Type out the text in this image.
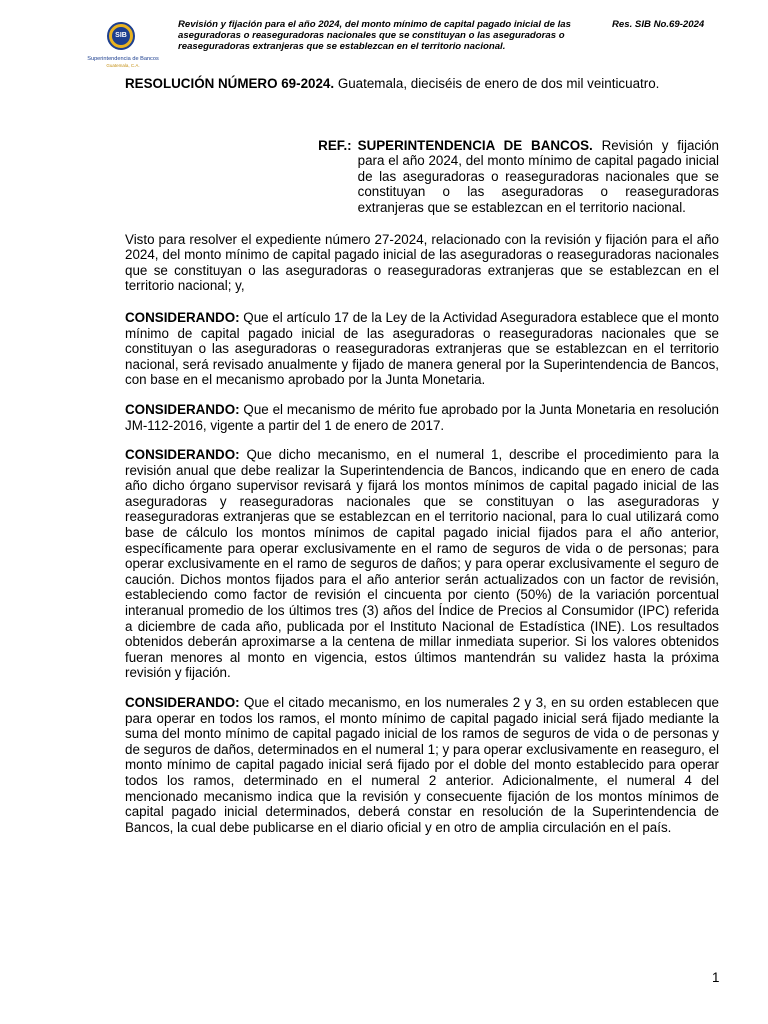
SIB
Superintendencia de Bancos
Guatemala, C.A.
Revisión y fijación para el año 2024, del monto mínimo de capital pagado inicial de las aseguradoras o reaseguradoras nacionales que se constituyan o las aseguradoras o reaseguradoras extranjeras que se establezcan en el territorio nacional.
Res. SIB No.69-2024

RESOLUCIÓN NÚMERO 69-2024. Guatemala, dieciséis de enero de dos mil veinticuatro.

REF.: SUPERINTENDENCIA DE BANCOS. Revisión y fijación para el año 2024, del monto mínimo de capital pagado inicial de las aseguradoras o reaseguradoras nacionales que se constituyan o las aseguradoras o reaseguradoras extranjeras que se establezcan en el territorio nacional.

Visto para resolver el expediente número 27-2024, relacionado con la revisión y fijación para el año 2024, del monto mínimo de capital pagado inicial de las aseguradoras o reaseguradoras nacionales que se constituyan o las aseguradoras o reaseguradoras extranjeras que se establezcan en el territorio nacional; y,

CONSIDERANDO: Que el artículo 17 de la Ley de la Actividad Aseguradora establece que el monto mínimo de capital pagado inicial de las aseguradoras o reaseguradoras nacionales que se constituyan o las aseguradoras o reaseguradoras extranjeras que se establezcan en el territorio nacional, será revisado anualmente y fijado de manera general por la Superintendencia de Bancos, con base en el mecanismo aprobado por la Junta Monetaria.

CONSIDERANDO: Que el mecanismo de mérito fue aprobado por la Junta Monetaria en resolución JM-112-2016, vigente a partir del 1 de enero de 2017.

CONSIDERANDO: Que dicho mecanismo, en el numeral 1, describe el procedimiento para la revisión anual que debe realizar la Superintendencia de Bancos, indicando que en enero de cada año dicho órgano supervisor revisará y fijará los montos mínimos de capital pagado inicial de las aseguradoras y reaseguradoras nacionales que se constituyan o las aseguradoras y reaseguradoras extranjeras que se establezcan en el territorio nacional, para lo cual utilizará como base de cálculo los montos mínimos de capital pagado inicial fijados para el año anterior, específicamente para operar exclusivamente en el ramo de seguros de vida o de personas; para operar exclusivamente en el ramo de seguros de daños; y para operar exclusivamente el seguro de caución. Dichos montos fijados para el año anterior serán actualizados con un factor de revisión, estableciendo como factor de revisión el cincuenta por ciento (50%) de la variación porcentual interanual promedio de los últimos tres (3) años del Índice de Precios al Consumidor (IPC) referida a diciembre de cada año, publicada por el Instituto Nacional de Estadística (INE). Los resultados obtenidos deberán aproximarse a la centena de millar inmediata superior. Si los valores obtenidos fueran menores al monto en vigencia, estos últimos mantendrán su validez hasta la próxima revisión y fijación.

CONSIDERANDO: Que el citado mecanismo, en los numerales 2 y 3, en su orden establecen que para operar en todos los ramos, el monto mínimo de capital pagado inicial será fijado mediante la suma del monto mínimo de capital pagado inicial de los ramos de seguros de vida o de personas y de seguros de daños, determinados en el numeral 1; y para operar exclusivamente en reaseguro, el monto mínimo de capital pagado inicial será fijado por el doble del monto establecido para operar todos los ramos, determinado en el numeral 2 anterior. Adicionalmente, el numeral 4 del mencionado mecanismo indica que la revisión y consecuente fijación de los montos mínimos de capital pagado inicial determinados, deberá constar en resolución de la Superintendencia de Bancos, la cual debe publicarse en el diario oficial y en otro de amplia circulación en el país.

1
